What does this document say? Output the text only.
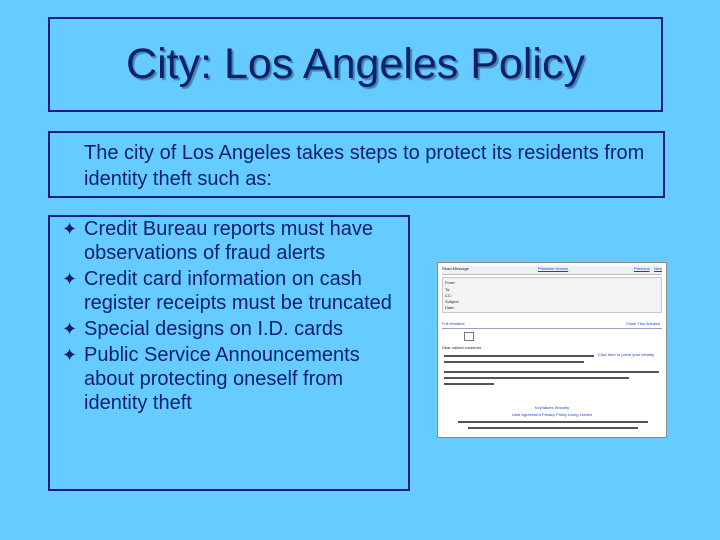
City: Los Angeles Policy
The city of Los Angeles takes steps to protect its residents from identity theft such as:
✦ Credit Bureau reports must have observations of fraud alerts
✦ Credit card information on cash register receipts must be truncated
✦ Special designs on I.D. cards
✦ Public Service Announcements about protecting oneself from identity theft
Read Message	Printable Version	Previous Next
From:
To:
CC:
Subject:
Date:
Full Headers	Close This Window
Dear valued customer,
Click here to prove your identity
KeyValues Security
User Agreement Privacy Policy Living Lender
